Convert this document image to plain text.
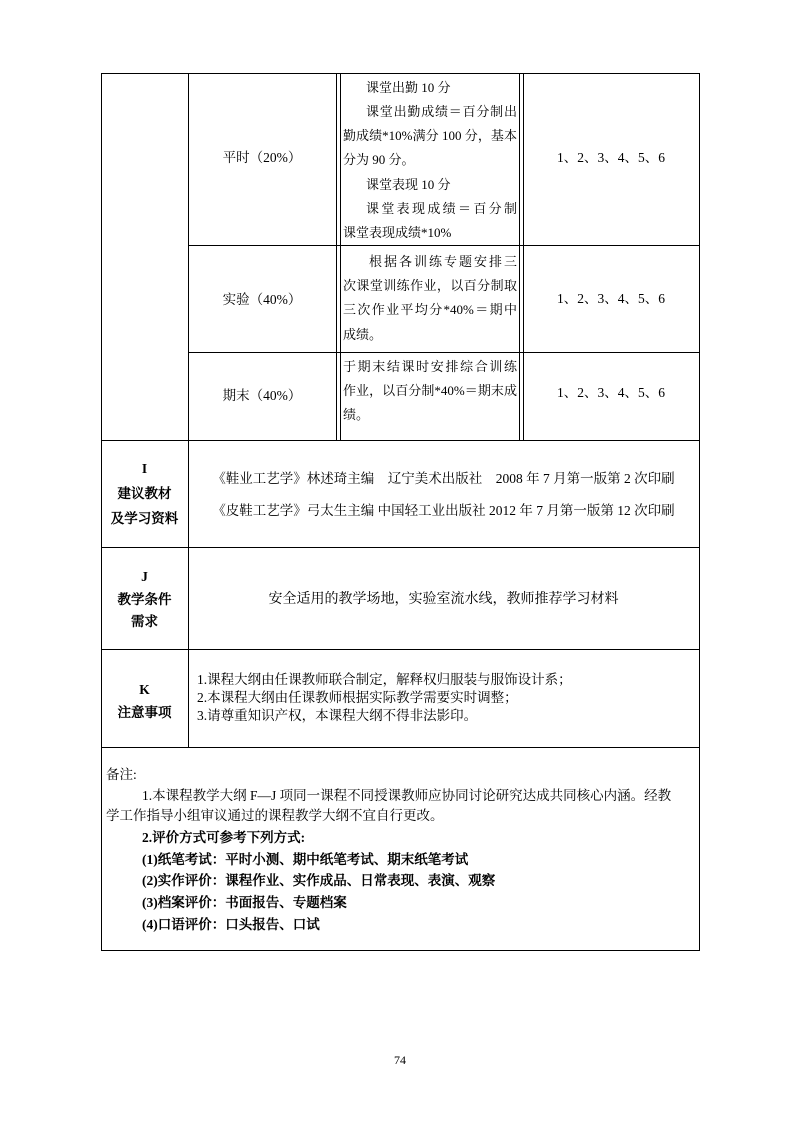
平时（20%）
课堂出勤 10 分
课堂出勤成绩＝百分制出
勤成绩*10%满分 100 分，基本
分为 90 分。
课堂表现 10 分
课堂表现成绩＝百分制
课堂表现成绩*10%
1、2、3、4、5、6
实验（40%）
根据各训练专题安排三
次课堂训练作业，以百分制取
三次作业平均分*40%＝期中
成绩。
1、2、3、4、5、6
期末（40%）
于期末结课时安排综合训练
作业，以百分制*40%＝期末成
绩。
1、2、3、4、5、6
I
建议教材
及学习资料
《鞋业工艺学》林述琦主编　辽宁美术出版社　2008 年 7 月第一版第 2 次印刷
《皮鞋工艺学》弓太生主编 中国轻工业出版社 2012 年 7 月第一版第 12 次印刷
J
教学条件
需求
安全适用的教学场地，实验室流水线，教师推荐学习材料
K
注意事项
1.课程大纲由任课教师联合制定，解释权归服装与服饰设计系；
2.本课程大纲由任课教师根据实际教学需要实时调整；
3.请尊重知识产权，本课程大纲不得非法影印。
备注:
1.本课程教学大纲 F—J 项同一课程不同授课教师应协同讨论研究达成共同核心内涵。经教
学工作指导小组审议通过的课程教学大纲不宜自行更改。
2.评价方式可参考下列方式:
(1)纸笔考试：平时小测、期中纸笔考试、期末纸笔考试
(2)实作评价：课程作业、实作成品、日常表现、表演、观察
(3)档案评价：书面报告、专题档案
(4)口语评价：口头报告、口试
74
